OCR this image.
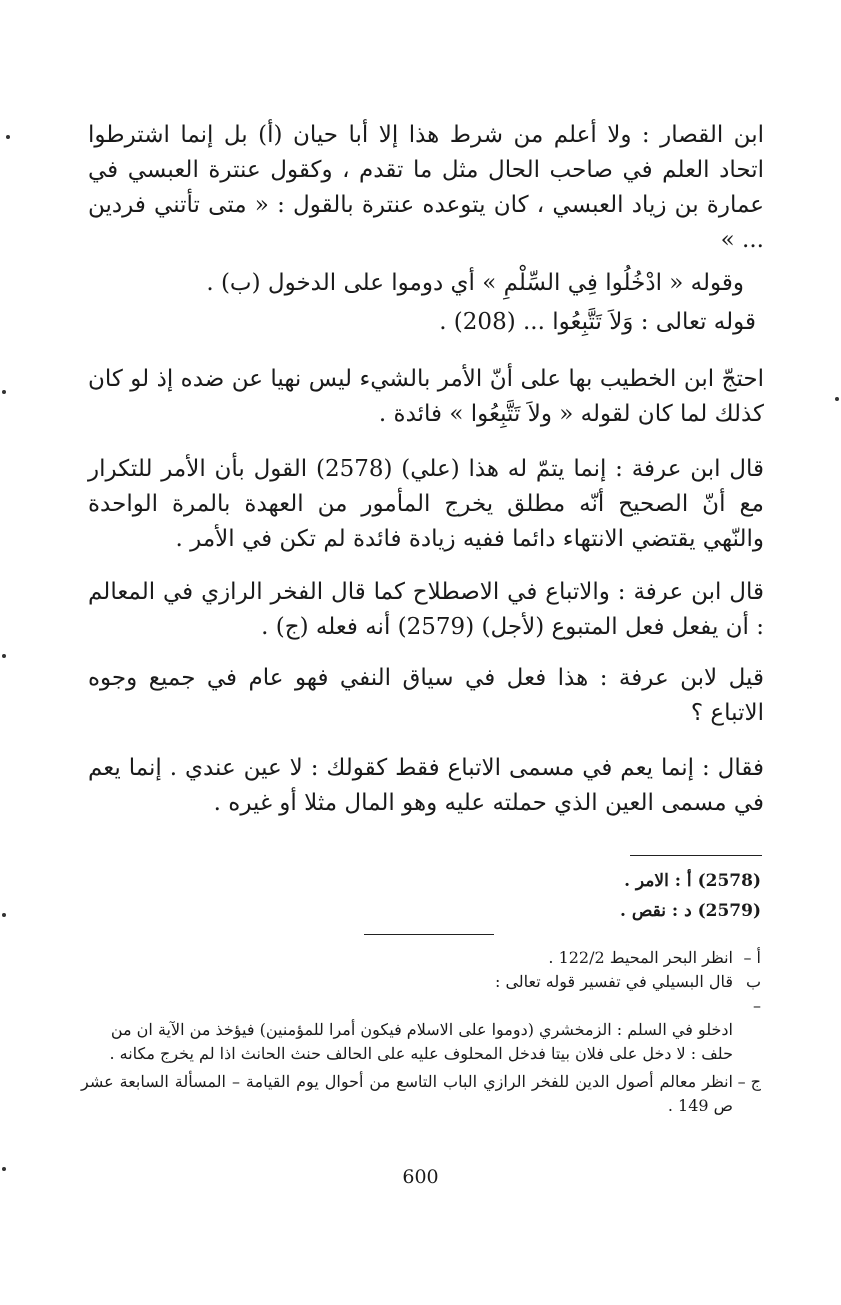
ابن القصار : ولا أعلم من شرط هذا إلا أبا حيان (أ) بل إنما اشترطوا اتحاد العلم في صاحب الحال مثل ما تقدم ، وكقول عنترة العبسي في عمارة بن زياد العبسي ، كان يتوعده عنترة بالقول : « متى تأتني فردين ... »

وقوله « ادْخُلُوا فِي السِّلْمِ » أي دوموا على الدخول (ب) .

قوله تعالى : وَلاَ تَتَّبِعُوا ... (208) .

احتجّ ابن الخطيب بها على أنّ الأمر بالشيء ليس نهيا عن ضده إذ لو كان كذلك لما كان لقوله « ولاَ تَتَّبِعُوا » فائدة .

قال ابن عرفة : إنما يتمّ له هذا (علي) (2578) القول بأن الأمر للتكرار مع أنّ الصحيح أنّه مطلق يخرج المأمور من العهدة بالمرة الواحدة والنّهي يقتضي الانتهاء دائما ففيه زيادة فائدة لم تكن في الأمر .

قال ابن عرفة : والاتباع في الاصطلاح كما قال الفخر الرازي في المعالم : أن يفعل فعل المتبوع (لأجل) (2579) أنه فعله (ج) .

قيل لابن عرفة : هذا فعل في سياق النفي فهو عام في جميع وجوه الاتباع ؟

فقال : إنما يعم في مسمى الاتباع فقط كقولك : لا عين عندي . إنما يعم في مسمى العين الذي حملته عليه وهو المال مثلا أو غيره .

(2578) أ : الامر .
(2579) د : نقص .
أ –
انظر البحر المحيط 122/2 .
ب –
قال البسيلي في تفسير قوله تعالى :
ادخلو في السلم : الزمخشري (دوموا على الاسلام فيكون أمرا للمؤمنين) فيؤخذ من الآية ان من حلف : لا دخل على فلان بيتا فدخل المحلوف عليه على الحالف حنث الحانث اذا لم يخرج مكانه .
ج –
انظر معالم أصول الدين للفخر الرازي الباب التاسع من أحوال يوم القيامة – المسألة السابعة عشر ص 149 .
600
